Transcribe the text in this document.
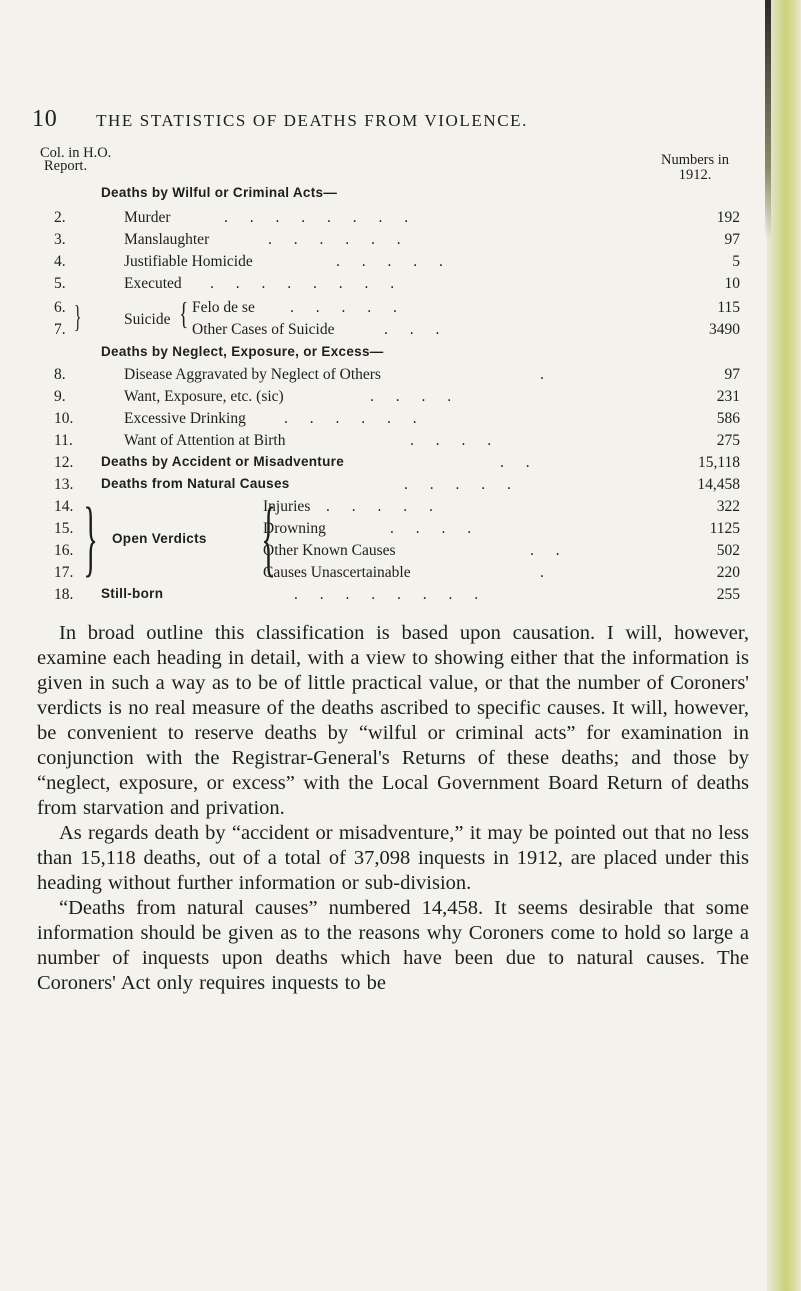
10 THE STATISTICS OF DEATHS FROM VIOLENCE.
Col. in H.O.
Report.	Numbers in
1912.
Deaths by Wilful or Criminal Acts—
2.	Murder	. . . . . . . .	192
3.	Manslaughter	. . . . . .	97
4.	Justifiable Homicide	. . . . .	5
5.	Executed . . . . . . . .	10
6.	Felo de se . . . . .	115
Suicide {
7.	Other Cases of Suicide	. . .	3490
Deaths by Neglect, Exposure, or Excess—
8.	Disease Aggravated by Neglect of Others	.	97
9.	Want, Exposure, etc. (sic)	. . . .	231
10.	Excessive Drinking . . . . . .	586
11.	Want of Attention at Birth	. . . .	275
12.	Deaths by Accident or Misadventure	. .	15,118
13.	Deaths from Natural Causes	. . . . .	14,458
14.	Injuries . . . . .	322
15.	Drowning	. . . .	1125
16.	Other Known Causes	. .	502
17.	Causes Unascertainable	.	220
Open Verdicts {
}
}
18.	Still-born	. . . . . . . .	255

In broad outline this classification is based upon causation. I will, however, examine each heading in detail, with a view to showing either that the information is given in such a way as to be of little practical value, or that the number of Coroners' verdicts is no real measure of the deaths ascribed to specific causes. It will, however, be convenient to reserve deaths by “wilful or criminal acts” for examination in conjunction with the Registrar-General's Returns of these deaths; and those by “neglect, exposure, or excess” with the Local Government Board Return of deaths from starvation and privation.

As regards death by “accident or misadventure,” it may be pointed out that no less than 15,118 deaths, out of a total of 37,098 inquests in 1912, are placed under this heading without further information or sub-division.

“Deaths from natural causes” numbered 14,458. It seems desirable that some information should be given as to the reasons why Coroners come to hold so large a number of inquests upon deaths which have been due to natural causes. The Coroners' Act only requires inquests to be
